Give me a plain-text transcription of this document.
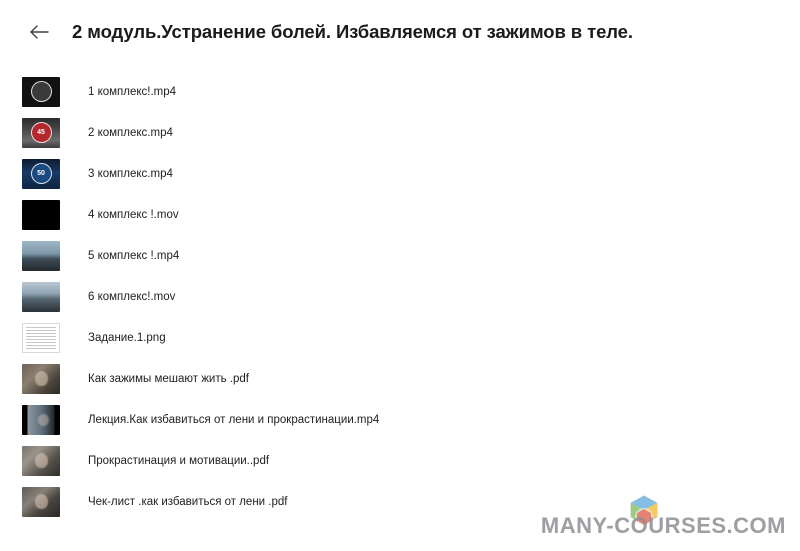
2 модуль.Устранение болей. Избавляемся от зажимов в теле.
1 комплекс!.mp4
45	2 комплекс.mp4
50	3 комплекс.mp4
4 комплекс !.mov
5 комплекс !.mp4
6 комплекс!.mov
Задание.1.png
Как зажимы мешают жить .pdf
Лекция.Как избавиться от лени и прокрастинации.mp4
Прокрастинация и мотивации..pdf
Чек-лист .как избавиться от лени .pdf
MANY-COURSES.COM
